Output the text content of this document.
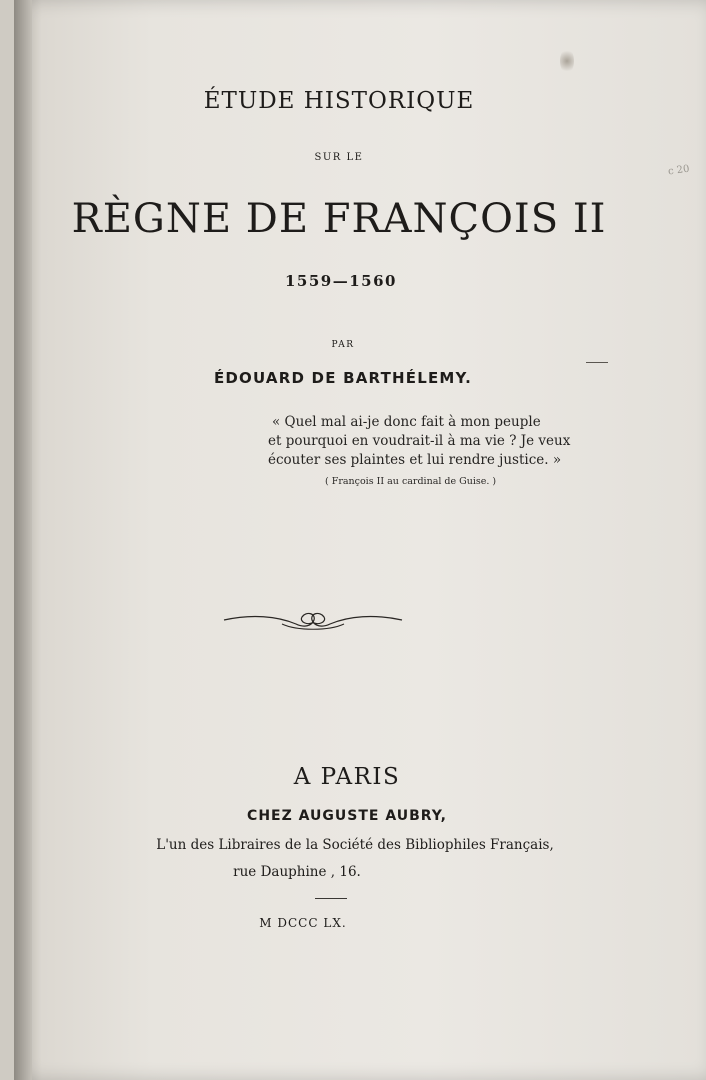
c 20
ÉTUDE HISTORIQUE
SUR LE
RÈGNE DE FRANÇOIS II
1559—1560
PAR
ÉDOUARD DE BARTHÉLEMY.
« Quel mal ai-je donc fait à mon peuple
et pourquoi en voudrait-il à ma vie ? Je veux
écouter ses plaintes et lui rendre justice. »
( François II au cardinal de Guise. )
A PARIS
CHEZ AUGUSTE AUBRY,
L'un des Libraires de la Société des Bibliophiles Français,
rue Dauphine , 16.
M DCCC LX.
